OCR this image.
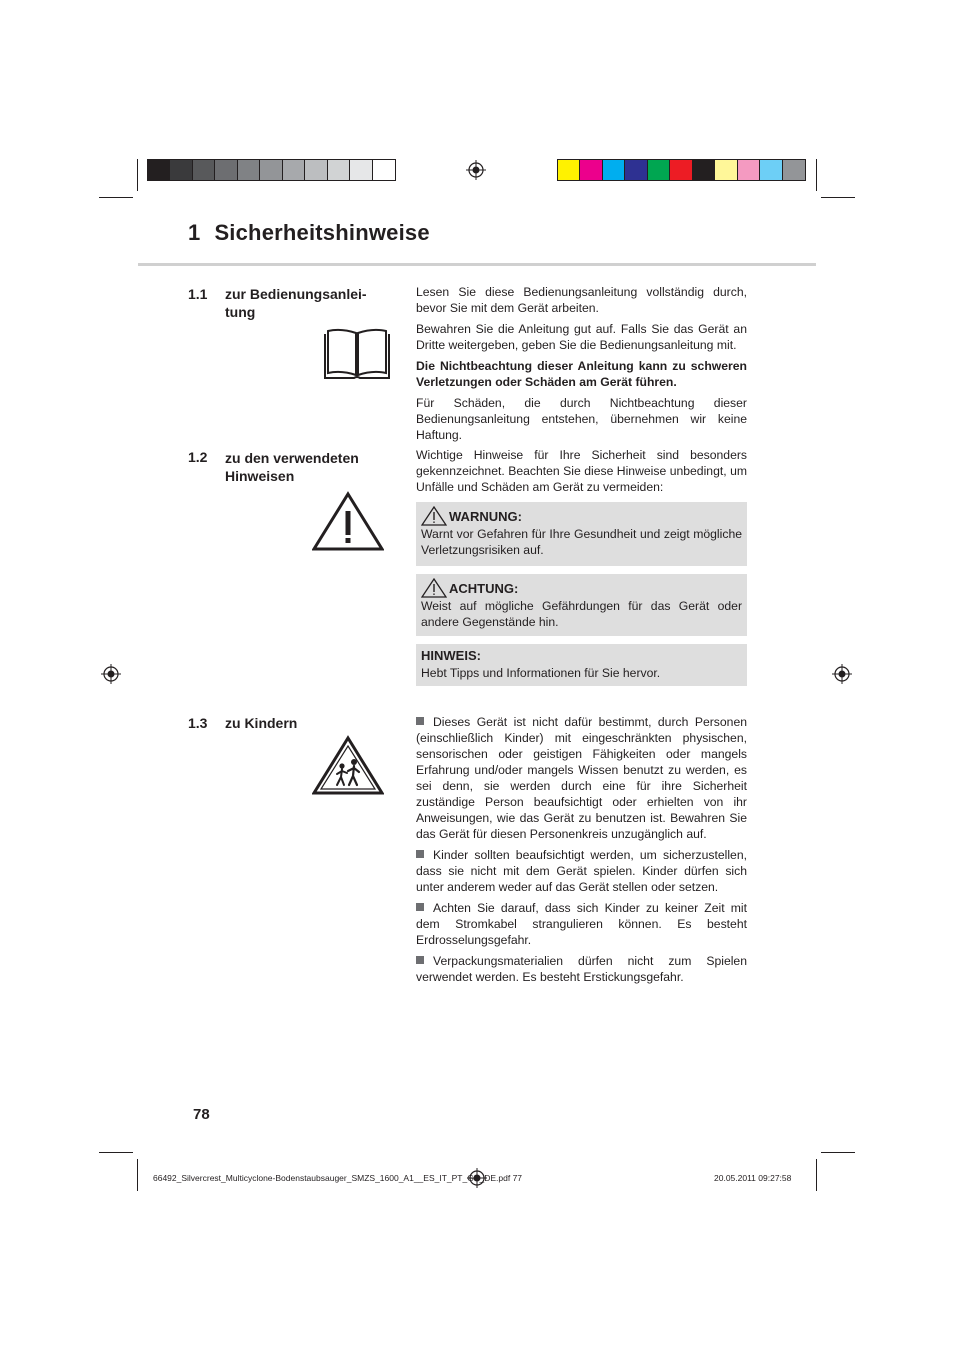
1 Sicherheitshinweise
1.1 zur Bedienungsanlei-
tung

Lesen Sie diese Bedienungsanleitung vollständig durch, bevor Sie mit dem Gerät arbeiten.

Bewahren Sie die Anleitung gut auf. Falls Sie das Gerät an Dritte weitergeben, geben Sie die Bedienungsanleitung mit.

Die Nichtbeachtung dieser Anleitung kann zu schweren Verletzungen oder Schäden am Gerät führen.

Für Schäden, die durch Nichtbeachtung dieser Bedienungsanleitung entstehen, übernehmen wir keine Haftung.

1.2 zu den verwendeten
Hinweisen

Wichtige Hinweise für Ihre Sicherheit sind besonders gekennzeichnet. Beachten Sie diese Hinweise unbedingt, um Unfälle und Schäden am Gerät zu vermeiden:

WARNUNG:
Warnt vor Gefahren für Ihre Gesundheit und zeigt mögliche Verletzungsrisiken auf.
ACHTUNG:
Weist auf mögliche Gefährdungen für das Gerät oder andere Gegenstände hin.
HINWEIS:
Hebt Tipps und Informationen für Sie hervor.
1.3 zu Kindern	Dieses Gerät ist nicht dafür bestimmt, durch Personen (einschließlich Kinder) mit eingeschränkten physischen, sensorischen oder geistigen Fähigkeiten oder mangels Erfahrung und/oder mangels Wissen benutzt zu werden, es sei denn, sie werden durch eine für ihre Sicherheit zuständige Person beaufsichtigt oder erhielten von ihr Anweisungen, wie das Gerät zu benutzen ist. Bewahren Sie das Gerät für diesen Personenkreis unzugänglich auf.

Kinder sollten beaufsichtigt werden, um sicherzustellen, dass sie nicht mit dem Gerät spielen. Kinder dürfen sich unter anderem weder auf das Gerät stellen oder setzen.

Achten Sie darauf, dass sich Kinder zu keiner Zeit mit dem Stromkabel strangulieren können. Es besteht Erdrosselungsgefahr.

Verpackungsmaterialien dürfen nicht zum Spielen verwendet werden. Es besteht Erstickungsgefahr.

78
66492_Silvercrest_Multicyclone-Bodenstaubsauger_SMZS_1600_A1__ES_IT_PT_GB_DE.pdf 77	20.05.2011 09:27:58
